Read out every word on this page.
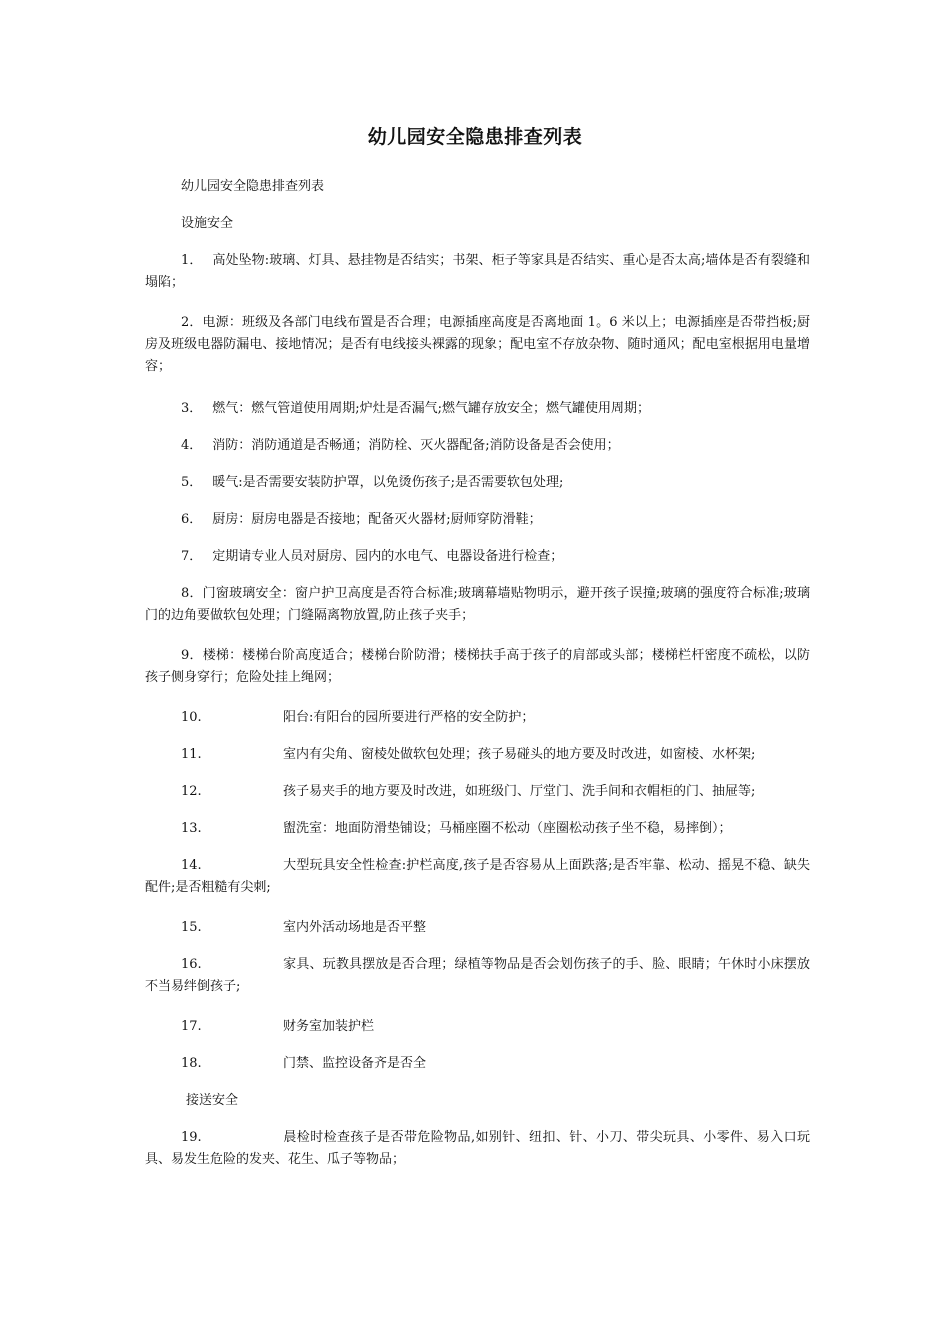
幼儿园安全隐患排查列表
幼儿园安全隐患排查列表
设施安全
1． 高处坠物:玻璃、灯具、悬挂物是否结实；书架、柜子等家具是否结实、重心是否太高;墙体是否有裂缝和塌陷；
2．电源：班级及各部门电线布置是否合理；电源插座高度是否离地面 1。6 米以上；电源插座是否带挡板;厨房及班级电器防漏电、接地情况；是否有电线接头裸露的现象；配电室不存放杂物、随时通风；配电室根据用电量增容；
3． 燃气：燃气管道使用周期;炉灶是否漏气;燃气罐存放安全；燃气罐使用周期；
4． 消防：消防通道是否畅通；消防栓、灭火器配备;消防设备是否会使用；
5． 暖气:是否需要安装防护罩，以免烫伤孩子;是否需要软包处理;
6． 厨房：厨房电器是否接地；配备灭火器材;厨师穿防滑鞋；
7． 定期请专业人员对厨房、园内的水电气、电器设备进行检查；
8．门窗玻璃安全：窗户护卫高度是否符合标准;玻璃幕墙贴物明示，避开孩子误撞;玻璃的强度符合标准;玻璃门的边角要做软包处理；门缝隔离物放置,防止孩子夹手；
9．楼梯：楼梯台阶高度适合；楼梯台阶防滑；楼梯扶手高于孩子的肩部或头部；楼梯栏杆密度不疏松，以防孩子侧身穿行；危险处挂上绳网；
10.	阳台:有阳台的园所要进行严格的安全防护；
11.	室内有尖角、窗棱处做软包处理；孩子易碰头的地方要及时改进，如窗棱、水杯架;
12.	孩子易夹手的地方要及时改进，如班级门、厅堂门、洗手间和衣帽柜的门、抽屉等;
13.	盥洗室：地面防滑垫铺设；马桶座圈不松动（座圈松动孩子坐不稳，易摔倒）；
14.	大型玩具安全性检查:护栏高度,孩子是否容易从上面跌落;是否牢靠、松动、摇晃不稳、缺失配件;是否粗糙有尖刺;
15.	室内外活动场地是否平整
16.	家具、玩教具摆放是否合理；绿植等物品是否会划伤孩子的手、脸、眼睛；午休时小床摆放不当易绊倒孩子;
17.	财务室加装护栏
18.	门禁、监控设备齐是否全
接送安全
19.	晨检时检查孩子是否带危险物品,如别针、纽扣、针、小刀、带尖玩具、小零件、易入口玩具、易发生危险的发夹、花生、瓜子等物品；
